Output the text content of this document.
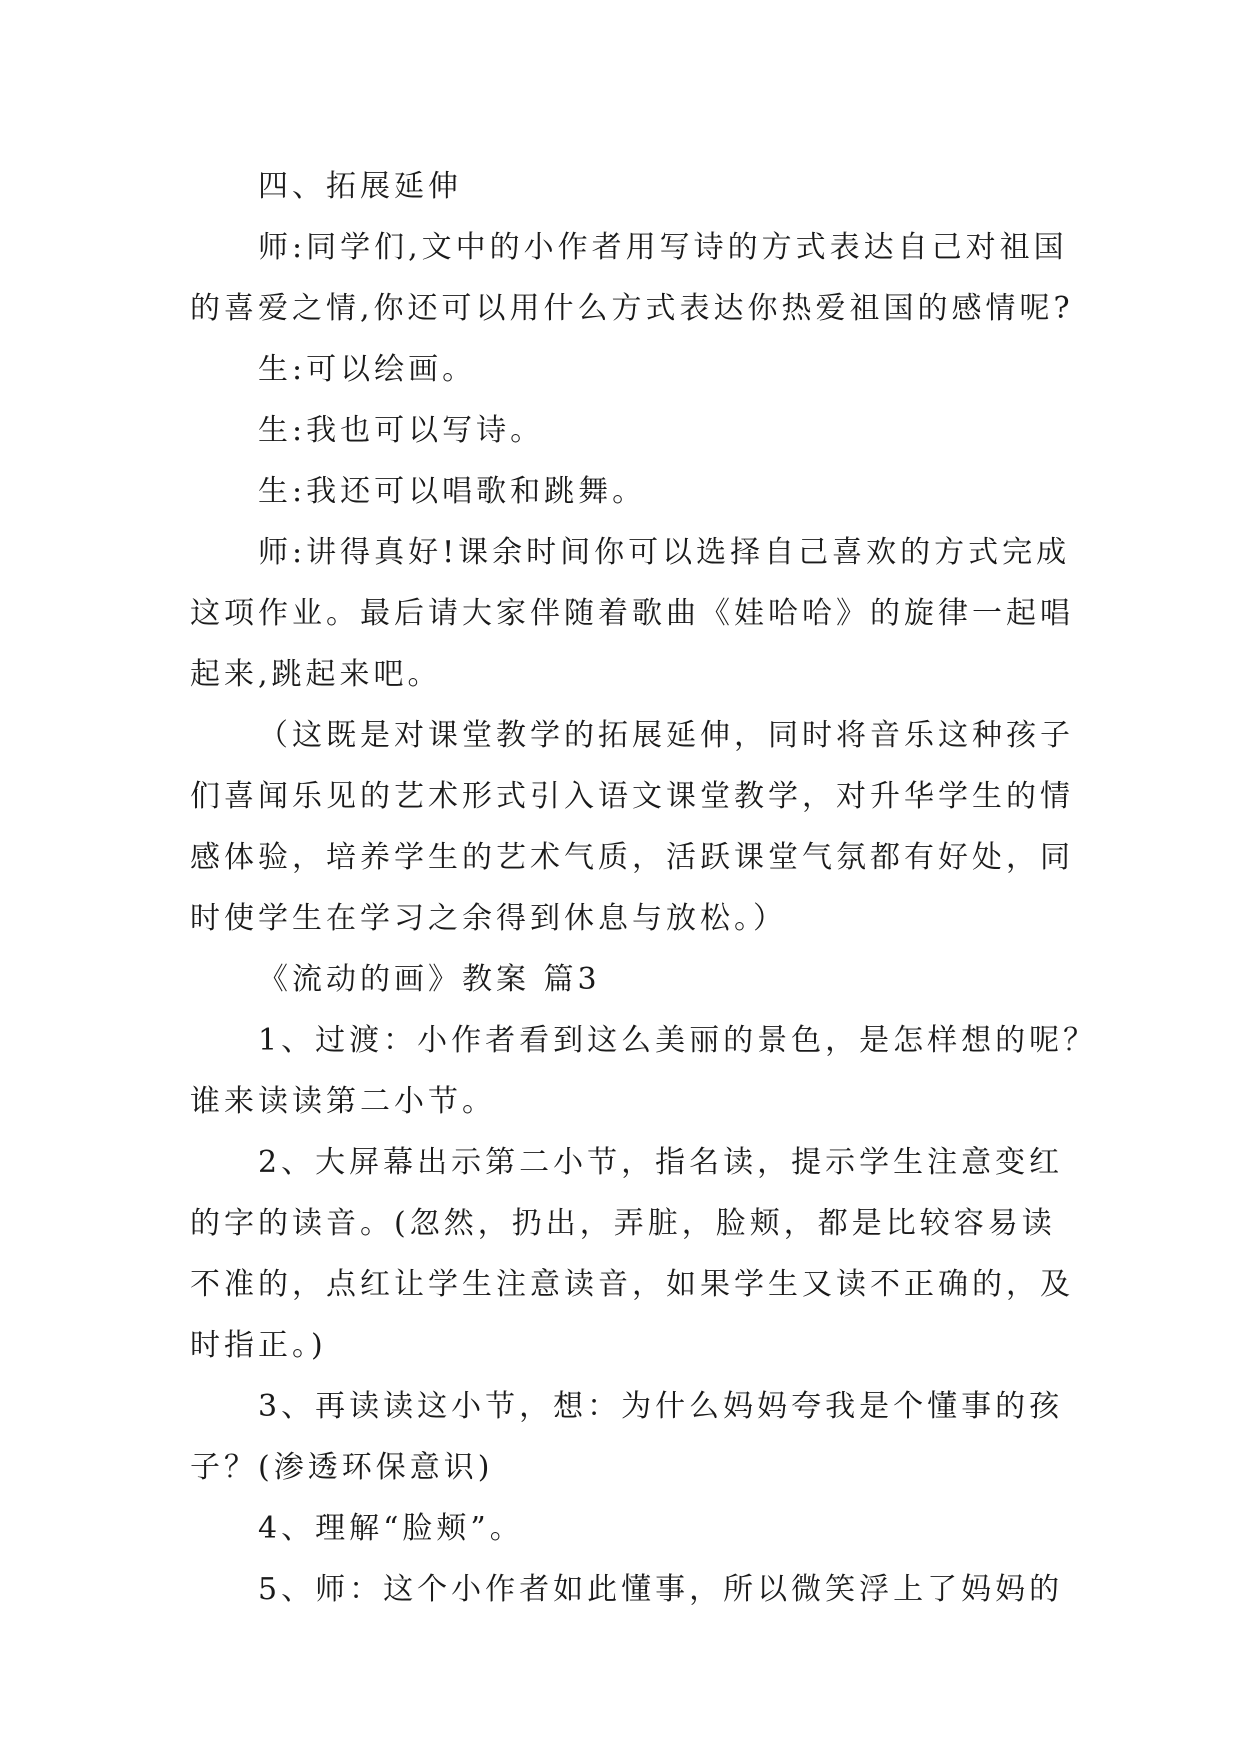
四、拓展延伸
师:同学们,文中的小作者用写诗的方式表达自己对祖国
的喜爱之情,你还可以用什么方式表达你热爱祖国的感情呢?
生:可以绘画。
生:我也可以写诗。
生:我还可以唱歌和跳舞。
师:讲得真好!课余时间你可以选择自己喜欢的方式完成
这项作业。最后请大家伴随着歌曲《娃哈哈》的旋律一起唱
起来,跳起来吧。
（这既是对课堂教学的拓展延伸，同时将音乐这种孩子
们喜闻乐见的艺术形式引入语文课堂教学，对升华学生的情
感体验，培养学生的艺术气质，活跃课堂气氛都有好处，同
时使学生在学习之余得到休息与放松。）
《流动的画》教案 篇3
1、过渡：小作者看到这么美丽的景色，是怎样想的呢？
谁来读读第二小节。
2、大屏幕出示第二小节，指名读，提示学生注意变红
的字的读音。(忽然，扔出，弄脏，脸颊，都是比较容易读
不准的，点红让学生注意读音，如果学生又读不正确的，及
时指正。)
3、再读读这小节，想：为什么妈妈夸我是个懂事的孩
子？(渗透环保意识)
4、理解“脸颊”。
5、师：这个小作者如此懂事，所以微笑浮上了妈妈的
